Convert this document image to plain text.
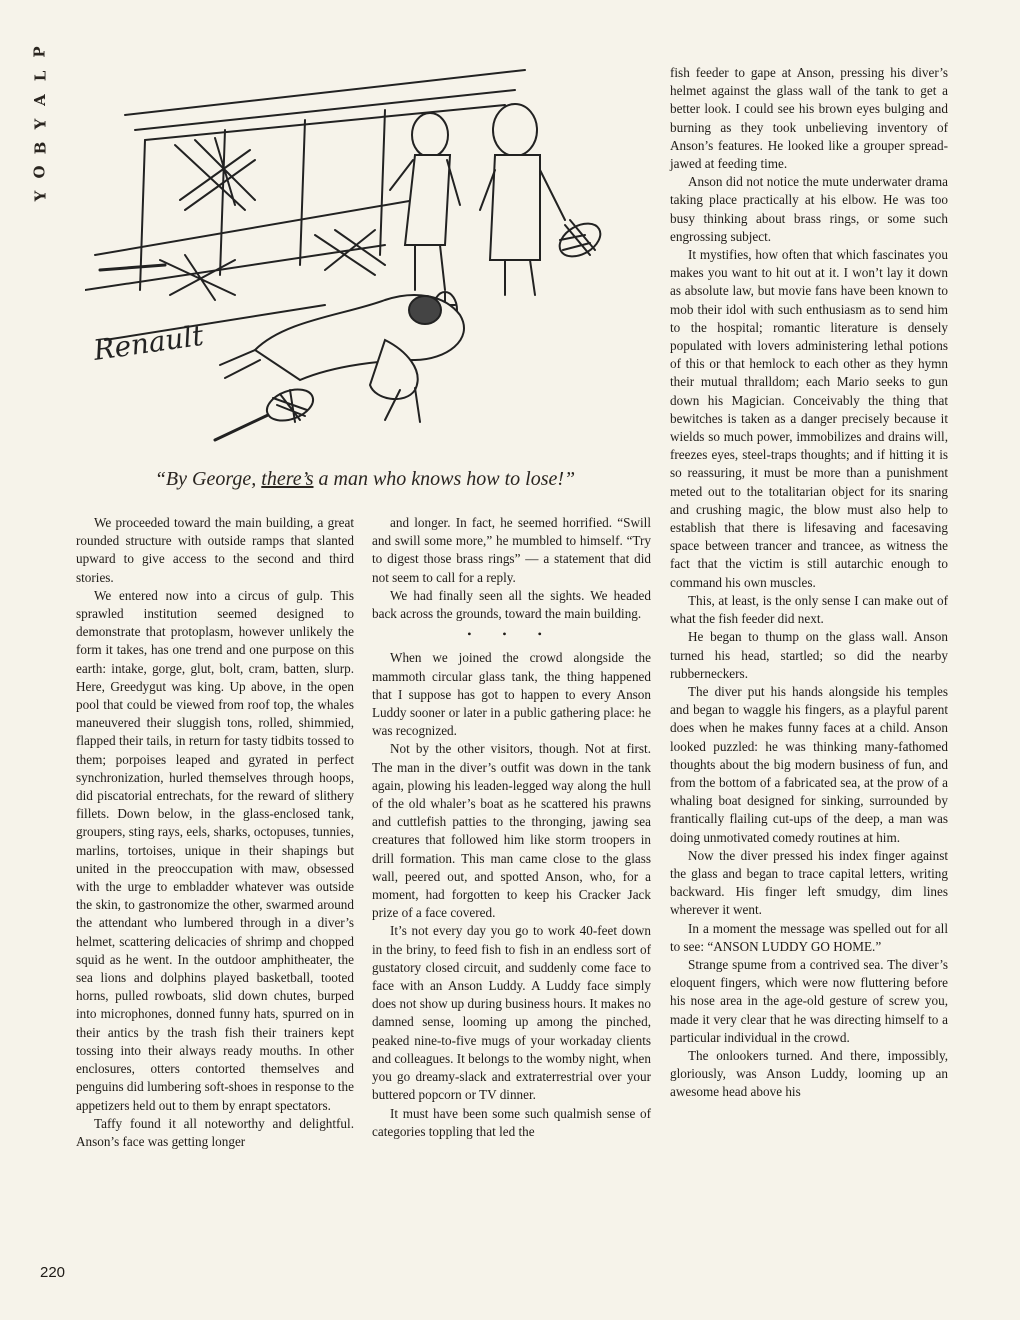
P
L
A
Y
B
O
Y
Renault
“By George, there’s a man who knows how to lose!”

We proceeded toward the main building, a great rounded structure with outside ramps that slanted upward to give access to the second and third stories.

We entered now into a circus of gulp. This sprawled institution seemed designed to demonstrate that protoplasm, however unlikely the form it takes, has one trend and one purpose on this earth: intake, gorge, glut, bolt, cram, batten, slurp. Here, Greedygut was king. Up above, in the open pool that could be viewed from roof top, the whales maneuvered their sluggish tons, rolled, shimmied, flapped their tails, in return for tasty tidbits tossed to them; porpoises leaped and gyrated in perfect synchronization, hurled themselves through hoops, did piscatorial entrechats, for the reward of slithery fillets. Down below, in the glass-enclosed tank, groupers, sting rays, eels, sharks, octopuses, tunnies, marlins, tortoises, unique in their shapings but united in the preoccupation with maw, obsessed with the urge to embladder whatever was outside the skin, to gastronomize the other, swarmed around the attendant who lumbered through in a diver’s helmet, scattering delicacies of shrimp and chopped squid as he went. In the outdoor amphitheater, the sea lions and dolphins played basketball, tooted horns, pulled rowboats, slid down chutes, burped into microphones, donned funny hats, spurred on in their antics by the trash fish their trainers kept tossing into their always ready mouths. In other enclosures, otters contorted themselves and penguins did lumbering soft-shoes in response to the appetizers held out to them by enrapt spectators.

Taffy found it all noteworthy and delightful. Anson’s face was getting longer

and longer. In fact, he seemed horrified. “Swill and swill some more,” he mumbled to himself. “Try to digest those brass rings” — a statement that did not seem to call for a reply.

We had finally seen all the sights. We headed back across the grounds, toward the main building.

• • •

When we joined the crowd alongside the mammoth circular glass tank, the thing happened that I suppose has got to happen to every Anson Luddy sooner or later in a public gathering place: he was recognized.

Not by the other visitors, though. Not at first. The man in the diver’s outfit was down in the tank again, plowing his leaden-legged way along the hull of the old whaler’s boat as he scattered his prawns and cuttlefish patties to the thronging, jawing sea creatures that followed him like storm troopers in drill formation. This man came close to the glass wall, peered out, and spotted Anson, who, for a moment, had forgotten to keep his Cracker Jack prize of a face covered.

It’s not every day you go to work 40-feet down in the briny, to feed fish to fish in an endless sort of gustatory closed circuit, and suddenly come face to face with an Anson Luddy. A Luddy face simply does not show up during business hours. It makes no damned sense, looming up among the pinched, peaked nine-to-five mugs of your workaday clients and colleagues. It belongs to the womby night, when you go dreamy-slack and extraterrestrial over your buttered popcorn or TV dinner.

It must have been some such qualmish sense of categories toppling that led the

fish feeder to gape at Anson, pressing his diver’s helmet against the glass wall of the tank to get a better look. I could see his brown eyes bulging and burning as they took unbelieving inventory of Anson’s features. He looked like a grouper spread-jawed at feeding time.

Anson did not notice the mute underwater drama taking place practically at his elbow. He was too busy thinking about brass rings, or some such engrossing subject.

It mystifies, how often that which fascinates you makes you want to hit out at it. I won’t lay it down as absolute law, but movie fans have been known to mob their idol with such enthusiasm as to send him to the hospital; romantic literature is densely populated with lovers administering lethal potions of this or that hemlock to each other as they hymn their mutual thralldom; each Mario seeks to gun down his Magician. Conceivably the thing that bewitches is taken as a danger precisely because it wields so much power, immobilizes and drains will, freezes eyes, steel-traps thoughts; and if hitting it is so reassuring, it must be more than a punishment meted out to the totalitarian object for its snaring and crushing magic, the blow must also help to establish that there is lifesaving and facesaving space between trancer and trancee, as witness the fact that the victim is still autarchic enough to command his own muscles.

This, at least, is the only sense I can make out of what the fish feeder did next.

He began to thump on the glass wall. Anson turned his head, startled; so did the nearby rubberneckers.

The diver put his hands alongside his temples and began to waggle his fingers, as a playful parent does when he makes funny faces at a child. Anson looked puzzled: he was thinking many-fathomed thoughts about the big modern business of fun, and from the bottom of a fabricated sea, at the prow of a whaling boat designed for sinking, surrounded by frantically flailing cut-ups of the deep, a man was doing unmotivated comedy routines at him.

Now the diver pressed his index finger against the glass and began to trace capital letters, writing backward. His finger left smudgy, dim lines wherever it went.

In a moment the message was spelled out for all to see: “ANSON LUDDY GO HOME.”

Strange spume from a contrived sea. The diver’s eloquent fingers, which were now fluttering before his nose area in the age-old gesture of screw you, made it very clear that he was directing himself to a particular individual in the crowd.

The onlookers turned. And there, impossibly, gloriously, was Anson Luddy, looming up an awesome head above his

220
